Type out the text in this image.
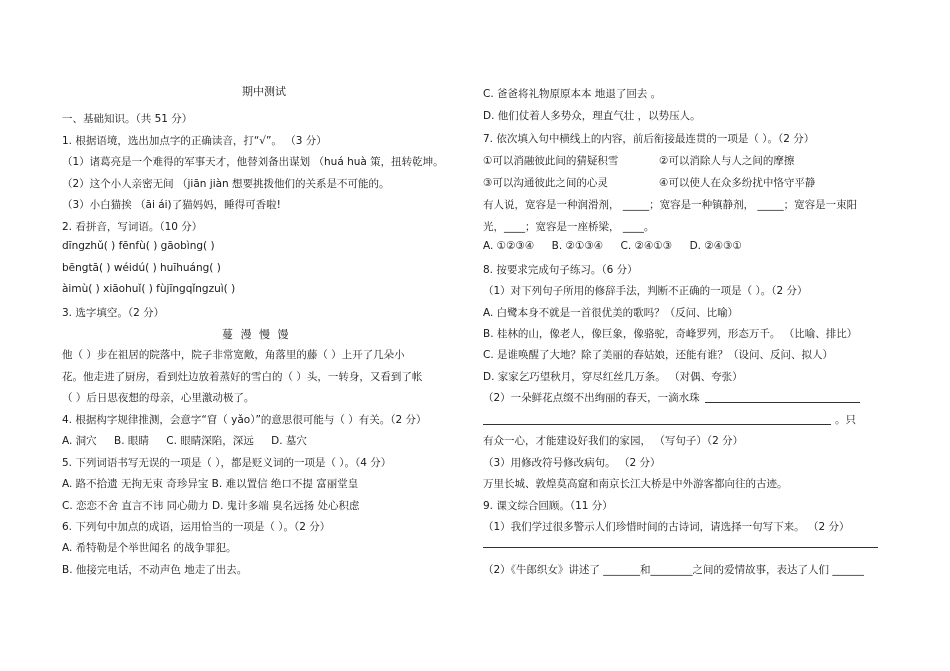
期中测试
一、基础知识。（共 51 分）
1. 根据语境，选出加点字的正确读音，打“√”。 （3 分）
（1）诸葛亮是一个难得的军事天才，他替刘备出谋划 （huá huà 策，扭转乾坤。
（2）这个小人亲密无间 （jiān jiàn 想要挑拨他们的关系是不可能的。
（3）小白猫挨 （āi ái)了猫妈妈，睡得可香啦!
2. 看拼音，写词语。（10 分）
dīngzhǔ( ) fēnfù( ) gāobìng( )
bēngtā( ) wéidú( ) huīhuáng( )
àimù( ) xiāohuǐ( ) fùjīngqǐngzuì( )
3. 选字填空。（2 分）
蔓 漫 慢 馒
他（ ）步在祖居的院落中，院子非常宽敞，角落里的藤（ ）上开了几朵小
花。他走进了厨房，看到灶边放着蒸好的雪白的（ ）头，一转身，又看到了帐
（ ）后日思夜想的母亲，心里激动极了。
4. 根据构字规律推测，会意字“窅（ yǎo）”的意思很可能与（ ）有关。（2 分）
A. 洞穴 B. 眼睛 C. 眼睛深陷，深远 D. 墓穴
5. 下列词语书写无误的一项是（ ），都是贬义词的一项是（ ）。（4 分）
A. 路不拾遗 无拘无束 奇珍异宝 B. 难以置信 绝口不提 富丽堂皇
C. 恋恋不舍 直言不讳 同心勋力 D. 鬼计多端 臭名远扬 处心积虑
6. 下列句中加点的成语，运用恰当的一项是（ ）。（2 分）
A. 希特勒是个举世闻名 的战争罪犯。
B. 他接完电话，不动声色 地走了出去。
C. 爸爸将礼物原原本本 地退了回去 。
D. 他们仗着人多势众，理直气壮 ，以势压人。
7. 依次填入句中横线上的内容，前后衔接最连贯的一项是（ ）。（2 分）
①可以消融彼此间的猜疑积雪	②可以消除人与人之间的摩擦
③可以沟通彼此之间的心灵	④可以使人在众多纷扰中恪守平静
有人说，宽容是一种润滑剂， _____；宽容是一种镇静剂， _____；宽容是一束阳
光，____；宽容是一座桥梁， ____。
A. ①②③④ B. ②①③④ C. ②④①③ D. ②④③①
8. 按要求完成句子练习。（6 分）
（1）对下列句子所用的修辞手法，判断不正确的一项是（ ）。（2 分）
A. 白鹭本身不就是一首很优美的歌吗？（反问、比喻）
B. 桂林的山，像老人，像巨象，像骆驼，奇峰罗列，形态万千。 （比喻、排比）
C. 是谁唤醒了大地？除了美丽的春姑娘，还能有谁？（设问、反问、拟人）
D. 家家乞巧望秋月，穿尽红丝几万条。 （对偶、夸张）
（2）一朵鲜花点缀不出绚丽的春天，一滴水珠
。只
有众一心，才能建设好我们的家园， （写句子）（2 分）
（3）用修改符号修改病句。 （2 分）
万里长城、敦煌莫高窟和南京长江大桥是中外游客都向往的古迹。
9. 课文综合回顾。（11 分）
（1）我们学过很多警示人们珍惜时间的古诗词，请选择一句写下来。 （2 分）
（2）《牛郎织女》讲述了 _______和________之间的爱情故事，表达了人们 ______
